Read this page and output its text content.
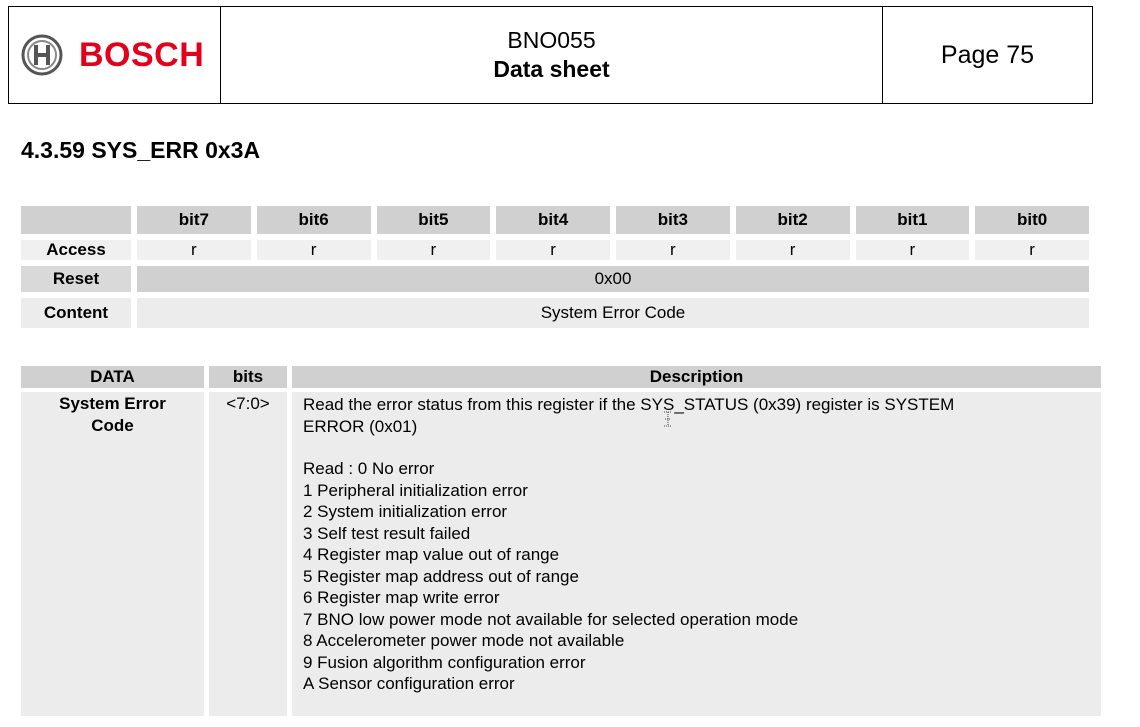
BOSCH	BNO055
Data sheet
Page 75
4.3.59 SYS_ERR 0x3A
	bit7	bit6	bit5	bit4	bit3	bit2	bit1	bit0
Access	r	r	r	r	r	r	r	r
Reset	0x00							
Content	System Error Code							
DATA	bits	Description
System Error
Code
<7:0>	Read the error status from this register if the SYS_STATUS (0x39) register is SYSTEM
ERROR (0x01)
Read : 0 No error
1 Peripheral initialization error
2 System initialization error
3 Self test result failed
4 Register map value out of range
5 Register map address out of range
6 Register map write error
7 BNO low power mode not available for selected operation mode
8 Accelerometer power mode not available
9 Fusion algorithm configuration error
A Sensor configuration error
